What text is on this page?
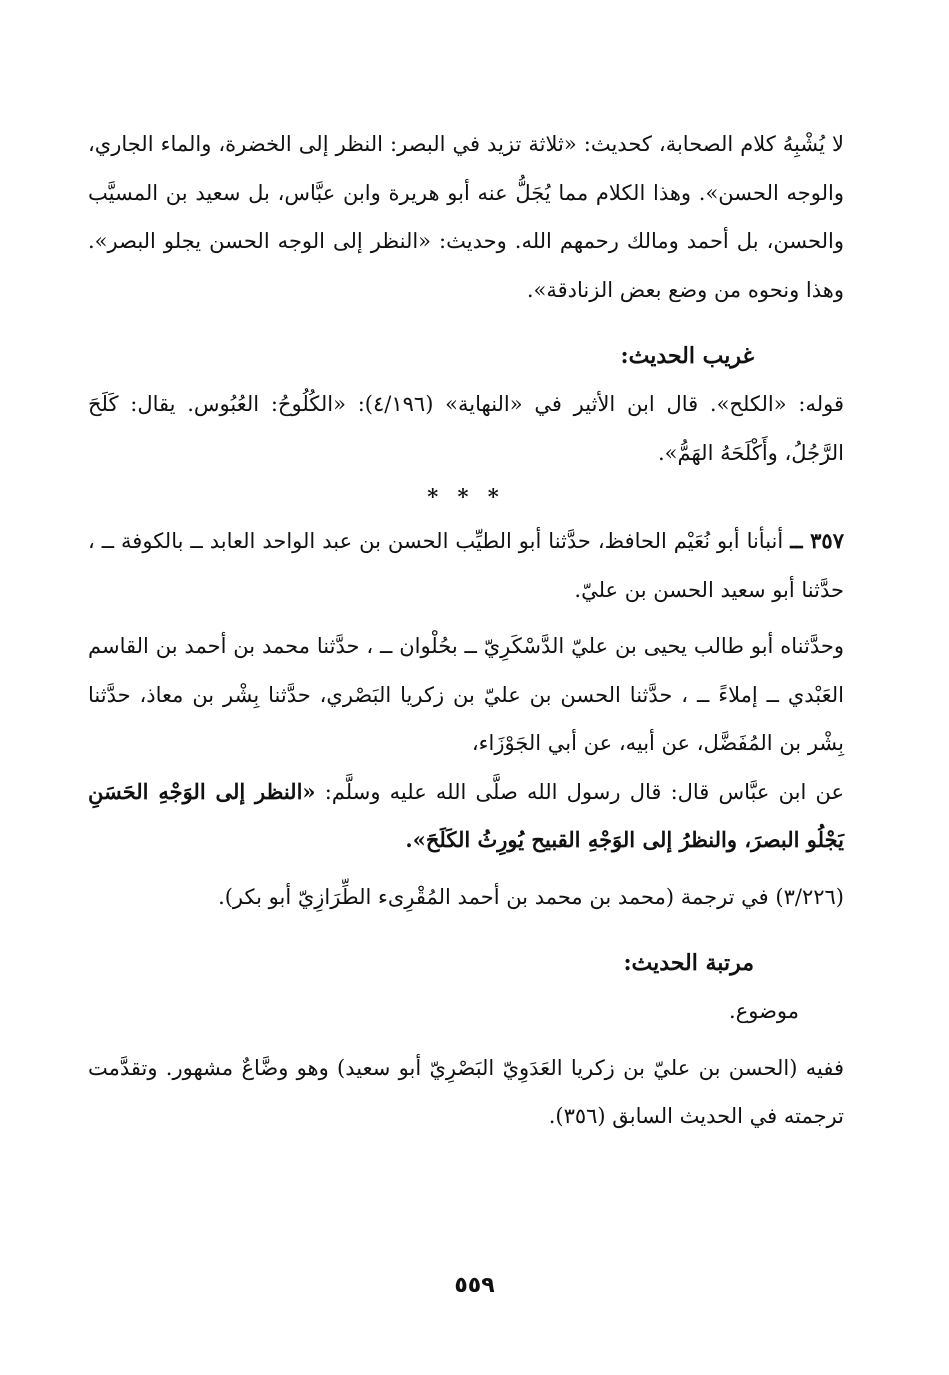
لا يُشْبِهُ كلام الصحابة، كحديث: «ثلاثة تزيد في البصر: النظر إلى الخضرة، والماء الجاري، والوجه الحسن». وهذا الكلام مما يُجَلُّ عنه أبو هريرة وابن عبَّاس، بل سعيد بن المسيَّب والحسن، بل أحمد ومالك رحمهم الله. وحديث: «النظر إلى الوجه الحسن يجلو البصر». وهذا ونحوه من وضع بعض الزنادقة».

غريب الحديث:

قوله: «الكلح». قال ابن الأثير في «النهاية» (٤/١٩٦): «الكُلُوحُ: العُبُوس. يقال: كَلَحَ الرَّجُلُ، وأَكْلَحَهُ الهَمُّ».

* * *

٣٥٧ ــ أنبأنا أبو نُعَيْم الحافظ، حدَّثنا أبو الطيِّب الحسن بن عبد الواحد العابد ــ بالكوفة ــ ، حدَّثنا أبو سعيد الحسن بن عليّ.

وحدَّثناه أبو طالب يحيى بن عليّ الدَّسْكَرِيّ ــ بحُلْوان ــ ، حدَّثنا محمد بن أحمد بن القاسم العَبْدي ــ إملاءً ــ ، حدَّثنا الحسن بن عليّ بن زكريا البَصْري، حدَّثنا بِشْر بن معاذ، حدَّثنا بِشْر بن المُفَضَّل، عن أبيه، عن أبي الجَوْزَاء،

عن ابن عبَّاس قال: قال رسول الله صلَّى الله عليه وسلَّم: «النظر إلى الوَجْهِ الحَسَنِ يَجْلُو البصرَ، والنظرُ إلى الوَجْهِ القبيح يُورِثُ الكَلَحَ».

(٣/٢٢٦) في ترجمة (محمد بن محمد بن أحمد المُقْرِىء الطِّرَازِيّ أبو بكر).

مرتبة الحديث:

موضوع.

ففيه (الحسن بن عليّ بن زكريا العَدَوِيّ البَصْرِيّ أبو سعيد) وهو وضَّاعٌ مشهور. وتقدَّمت ترجمته في الحديث السابق (٣٥٦).

٥٥٩
